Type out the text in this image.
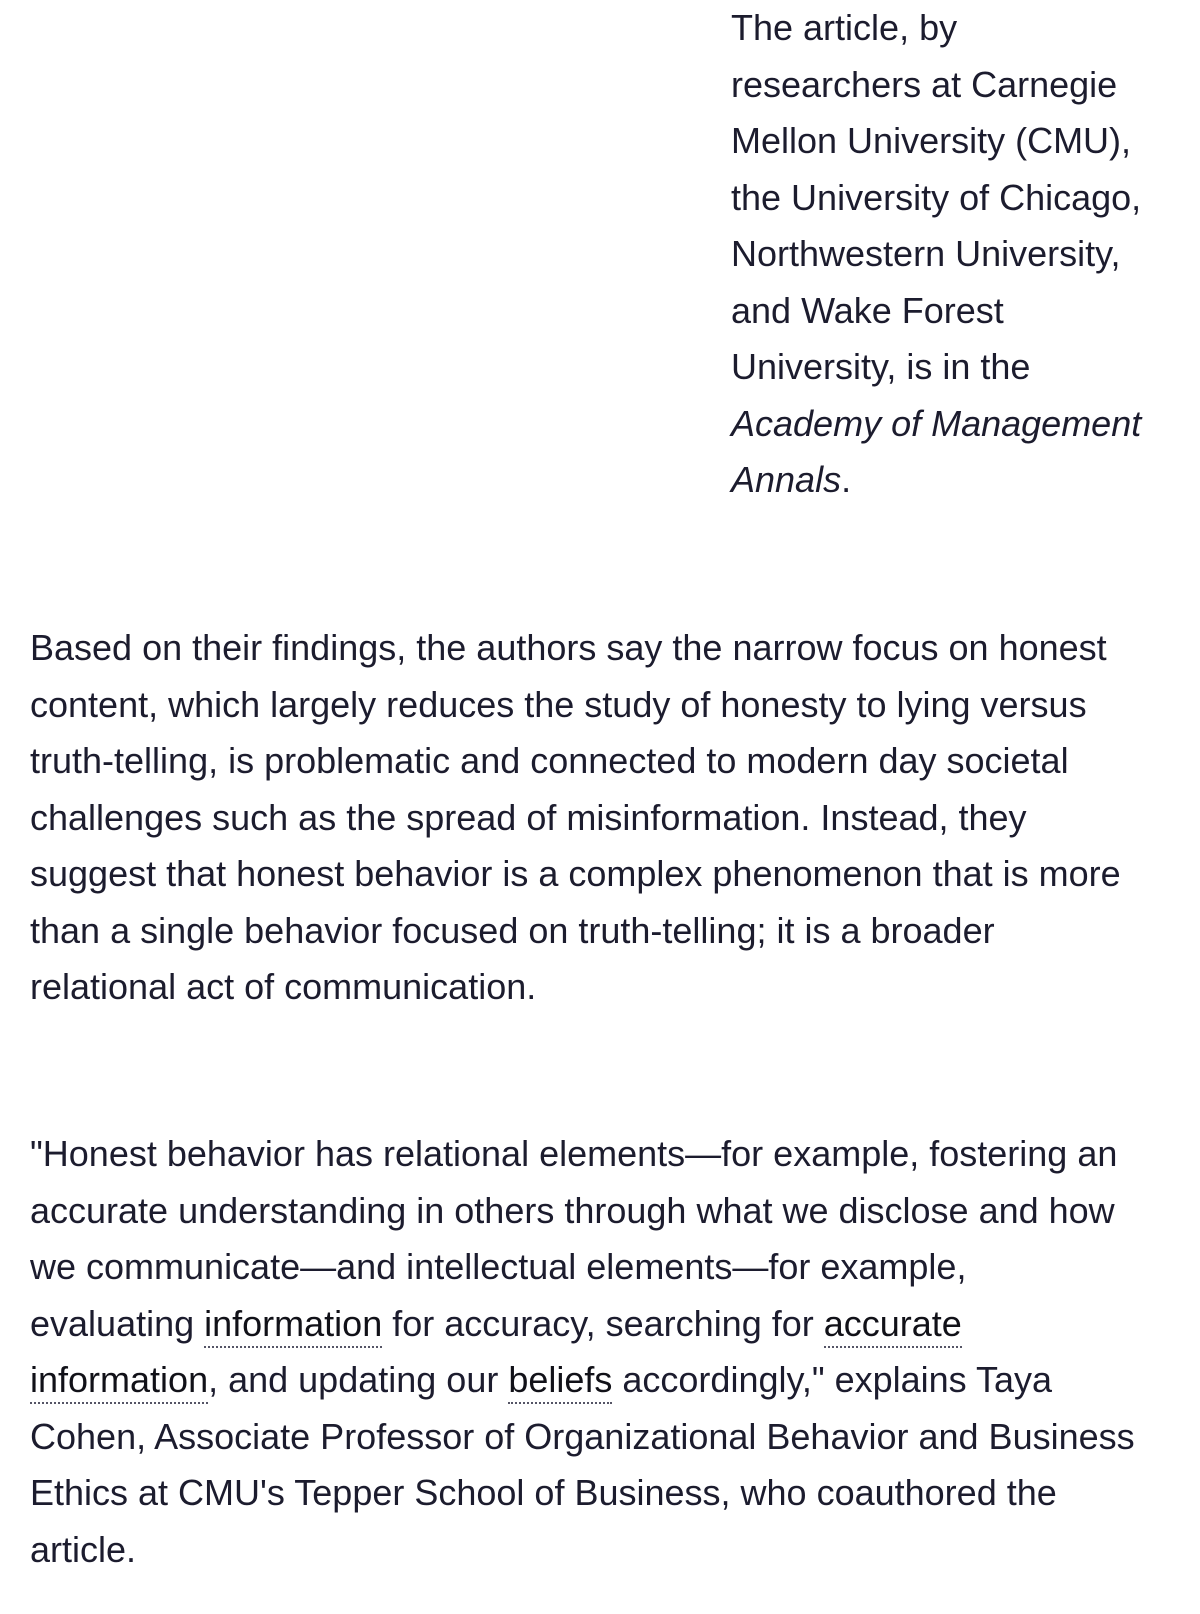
The article, by researchers at Carnegie Mellon University (CMU), the University of Chicago, Northwestern University, and Wake Forest University, is in the Academy of Management Annals.

Based on their findings, the authors say the narrow focus on honest content, which largely reduces the study of honesty to lying versus truth-telling, is problematic and connected to modern day societal challenges such as the spread of misinformation. Instead, they suggest that honest behavior is a complex phenomenon that is more than a single behavior focused on truth-telling; it is a broader relational act of communication.

"Honest behavior has relational elements—for example, fostering an accurate understanding in others through what we disclose and how we communicate—and intellectual elements—for example, evaluating information for accuracy, searching for accurate information, and updating our beliefs accordingly," explains Taya Cohen, Associate Professor of Organizational Behavior and Business Ethics at CMU's Tepper School of Business, who coauthored the article.
